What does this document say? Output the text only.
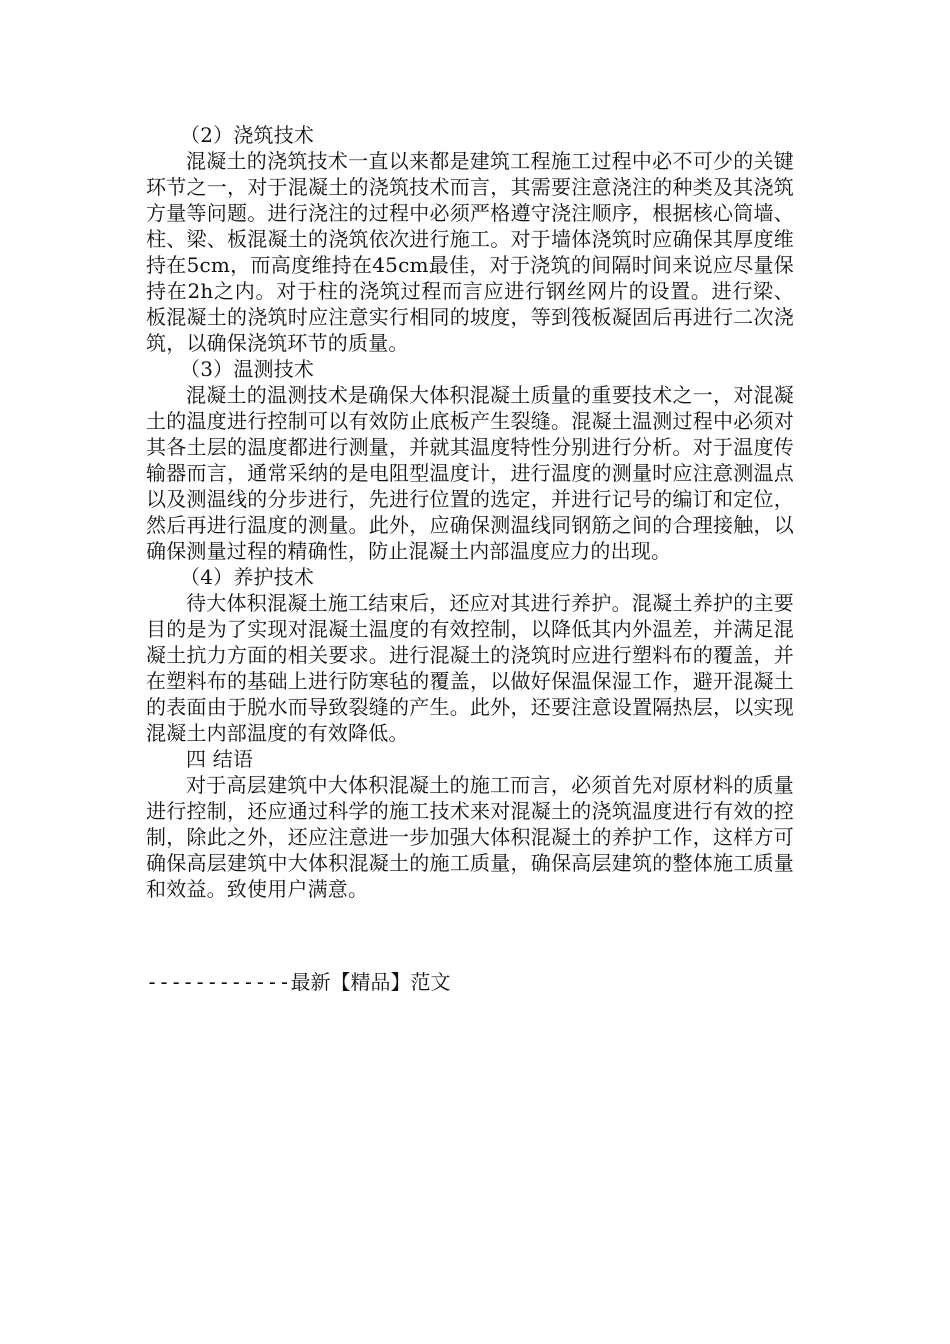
（2）浇筑技术

混凝土的浇筑技术一直以来都是建筑工程施工过程中必不可少的关键环节之一，对于混凝土的浇筑技术而言，其需要注意浇注的种类及其浇筑方量等问题。进行浇注的过程中必须严格遵守浇注顺序，根据核心筒墙、柱、梁、板混凝土的浇筑依次进行施工。对于墙体浇筑时应确保其厚度维持在5cm，而高度维持在45cm最佳，对于浇筑的间隔时间来说应尽量保持在2h之内。对于柱的浇筑过程而言应进行钢丝网片的设置。进行梁、板混凝土的浇筑时应注意实行相同的坡度，等到筏板凝固后再进行二次浇筑，以确保浇筑环节的质量。

（3）温测技术

混凝土的温测技术是确保大体积混凝土质量的重要技术之一，对混凝土的温度进行控制可以有效防止底板产生裂缝。混凝土温测过程中必须对其各土层的温度都进行测量，并就其温度特性分别进行分析。对于温度传输器而言，通常采纳的是电阻型温度计，进行温度的测量时应注意测温点以及测温线的分步进行，先进行位置的选定，并进行记号的编订和定位，然后再进行温度的测量。此外，应确保测温线同钢筋之间的合理接触，以确保测量过程的精确性，防止混凝土内部温度应力的出现。

（4）养护技术

待大体积混凝土施工结束后，还应对其进行养护。混凝土养护的主要目的是为了实现对混凝土温度的有效控制，以降低其内外温差，并满足混凝土抗力方面的相关要求。进行混凝土的浇筑时应进行塑料布的覆盖，并在塑料布的基础上进行防寒毡的覆盖，以做好保温保湿工作，避开混凝土的表面由于脱水而导致裂缝的产生。此外，还要注意设置隔热层，以实现混凝土内部温度的有效降低。

四 结语

对于高层建筑中大体积混凝土的施工而言，必须首先对原材料的质量进行控制，还应通过科学的施工技术来对混凝土的浇筑温度进行有效的控制，除此之外，还应注意进一步加强大体积混凝土的养护工作，这样方可确保高层建筑中大体积混凝土的施工质量，确保高层建筑的整体施工质量和效益。致使用户满意。

------------最新【精品】范文
